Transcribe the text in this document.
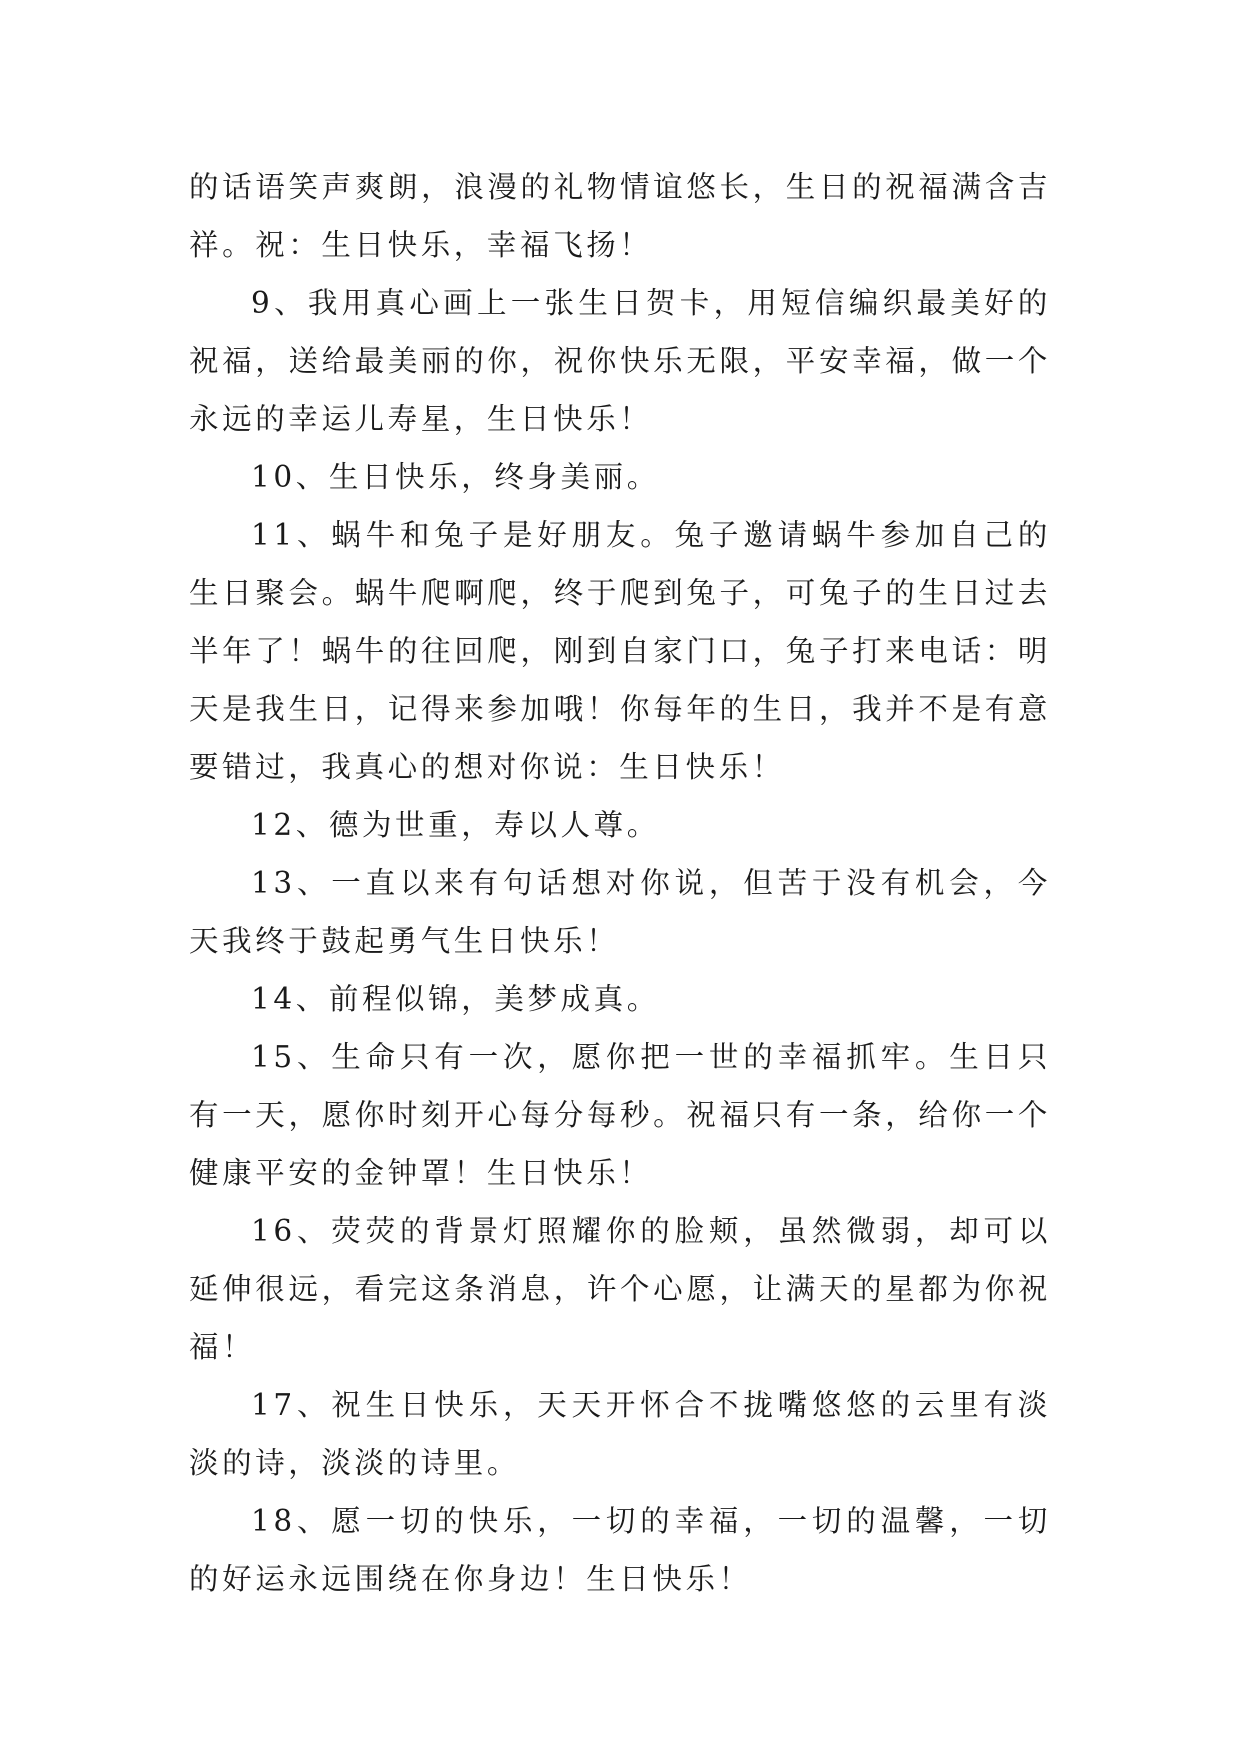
的话语笑声爽朗，浪漫的礼物情谊悠长，生日的祝福满含吉祥。祝：生日快乐，幸福飞扬！

9、我用真心画上一张生日贺卡，用短信编织最美好的祝福，送给最美丽的你，祝你快乐无限，平安幸福，做一个永远的幸运儿寿星，生日快乐！

10、生日快乐，终身美丽。

11、蜗牛和兔子是好朋友。兔子邀请蜗牛参加自己的生日聚会。蜗牛爬啊爬，终于爬到兔子，可兔子的生日过去半年了！蜗牛的往回爬，刚到自家门口，兔子打来电话：明天是我生日，记得来参加哦！你每年的生日，我并不是有意要错过，我真心的想对你说：生日快乐！

12、德为世重，寿以人尊。

13、一直以来有句话想对你说，但苦于没有机会，今天我终于鼓起勇气生日快乐！

14、前程似锦，美梦成真。

15、生命只有一次，愿你把一世的幸福抓牢。生日只有一天，愿你时刻开心每分每秒。祝福只有一条，给你一个健康平安的金钟罩！生日快乐！

16、荧荧的背景灯照耀你的脸颊，虽然微弱，却可以延伸很远，看完这条消息，许个心愿，让满天的星都为你祝福！

17、祝生日快乐，天天开怀合不拢嘴悠悠的云里有淡淡的诗，淡淡的诗里。

18、愿一切的快乐，一切的幸福，一切的温馨，一切的好运永远围绕在你身边！生日快乐！
